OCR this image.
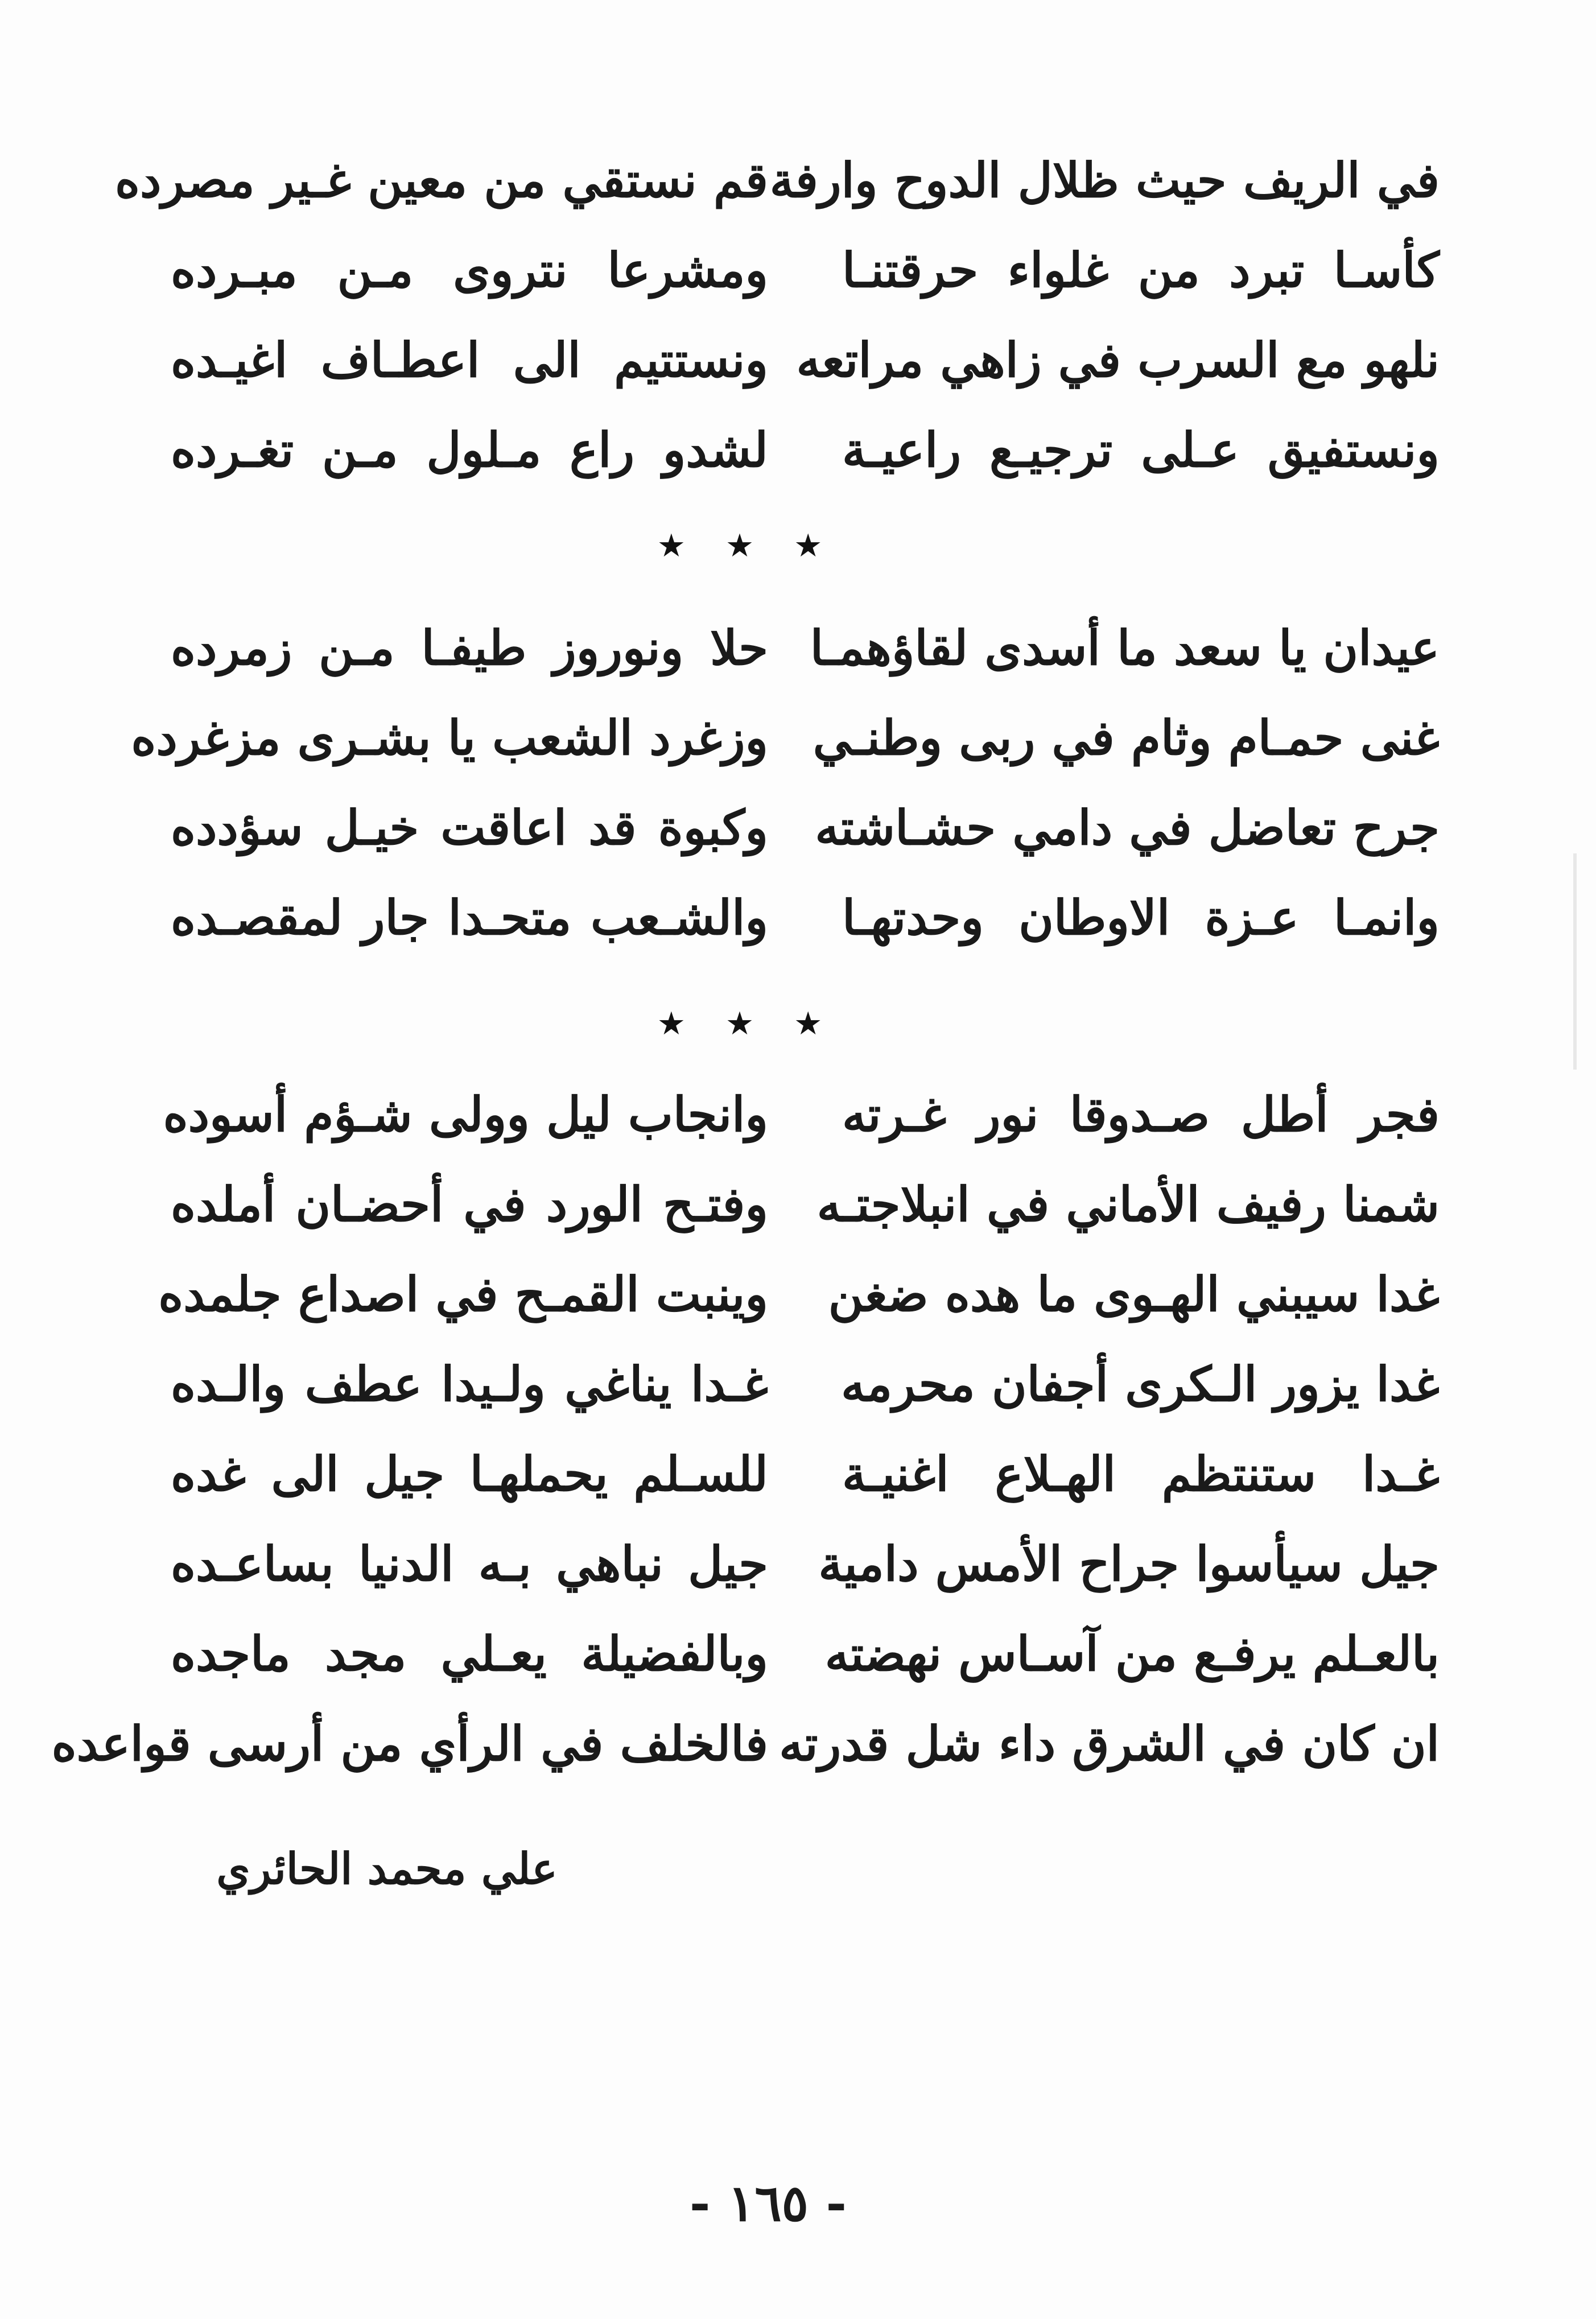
في الريف حيث ظلال الدوح وارفة
قم نستقي من معين غـير مصرده
كأسـا تبرد من غلواء حرقتنـا
ومشرعا نتروى مـن مبـرده
نلهو مع السرب في زاهي مراتعه
ونستتيم الى اعطـاف اغيـده
ونستفيق عـلى ترجيـع راعيـة
لشدو راع مـلول مـن تغـرده
★ ★ ★
عيدان يا سعد ما أسدى لقاؤهمـا
حلا ونوروز طيفـا مـن زمرده
غنى حمـام وثام في ربى وطنـي
وزغرد الشعب يا بشـرى مزغرده
جرح تعاضل في دامي حشـاشته
وكبوة قد اعاقت خيـل سؤدده
وانمـا عـزة الاوطان وحدتهـا
والشـعب متحـدا جار لمقصـده
★ ★ ★
فجر أطل صـدوقا نور غـرته
وانجاب ليل وولى شـؤم أسوده
شمنا رفيف الأماني في انبلاجتـه
وفتـح الورد في أحضـان أملده
غدا سيبني الهـوى ما هده ضغن
وينبت القمـح في اصداع جلمده
غدا يزور الـكرى أجفان محرمه
غـدا يناغي ولـيدا عطف والـده
غـدا ستنتظم الهـلاع اغنيـة
للسـلم يحملهـا جيل الى غده
جيل سيأسوا جراح الأمس دامية
جيل نباهي بـه الدنيا بساعـده
بالعـلم يرفـع من آسـاس نهضته
وبالفضيلة يعـلي مجد ماجده
ان كان في الشرق داء شل قدرته
فالخلف في الرأي من أرسى قواعده
علي محمد الحائري
- ١٦٥ -
